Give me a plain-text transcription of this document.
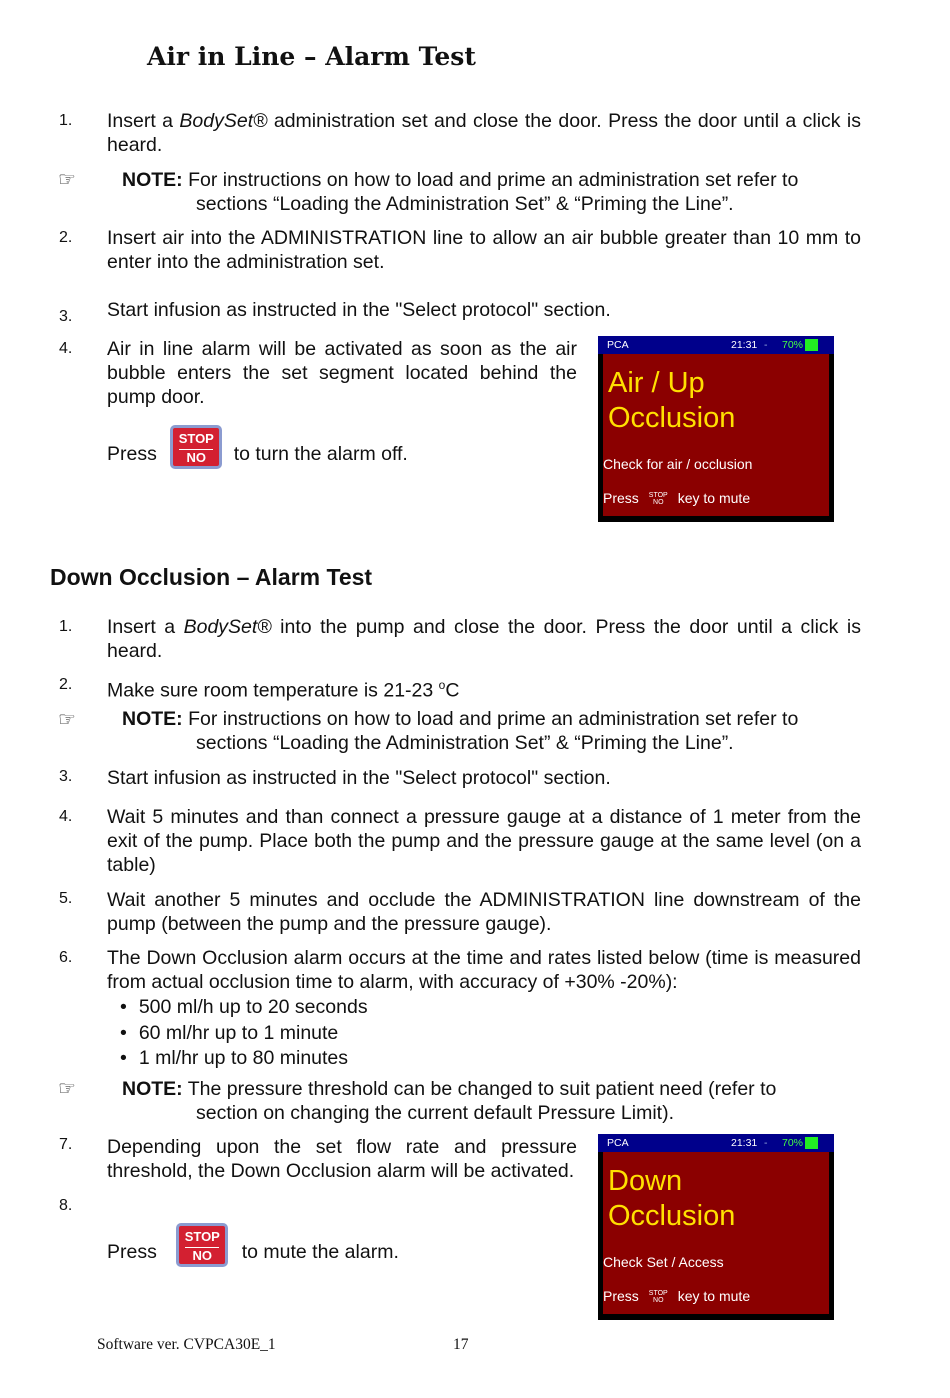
Air in Line – Alarm Test
1. Insert a BodySet® administration set and close the door. Press the door until a click is heard.
☞ NOTE: For instructions on how to load and prime an administration set refer to
sections “Loading the Administration Set” & “Priming the Line”.
2. Insert air into the ADMINISTRATION line to allow an air bubble greater than 10 mm to enter into the administration set.
3. Start infusion as instructed in the "Select protocol" section.
4. Air in line alarm will be activated as soon as the air bubble enters the set segment located behind the pump door.
Press STOP
NO	to turn the alarm off.
PCA	21:31 - 70%
Air / Up
Occlusion
Check for air / occlusion
Press STOP
NO key to mute
Down Occlusion – Alarm Test
1. Insert a BodySet® into the pump and close the door. Press the door until a click is heard.
2. Make sure room temperature is 21-23 $^o$C
☞ NOTE: For instructions on how to load and prime an administration set refer to
sections “Loading the Administration Set” & “Priming the Line”.
3. Start infusion as instructed in the "Select protocol" section.
4. Wait 5 minutes and than connect a pressure gauge at a distance of 1 meter from the exit of the pump. Place both the pump and the pressure gauge at the same level (on a table)
5. Wait another 5 minutes and occlude the ADMINISTRATION line downstream of the pump (between the pump and the pressure gauge).
6. The Down Occlusion alarm occurs at the time and rates listed below (time is measured from actual occlusion time to alarm, with accuracy of +30% -20%):
• 500 ml/h up to 20 seconds
• 60 ml/hr up to 1 minute
• 1 ml/hr up to 80 minutes
☞ NOTE: The pressure threshold can be changed to suit patient need (refer to
section on changing the current default Pressure Limit).
7. Depending upon the set flow rate and pressure threshold, the Down Occlusion alarm will be activated.
8.
Press STOP
NO	to mute the alarm.
PCA	21:31 - 70%
Down
Occlusion
Check Set / Access
Press STOP
NO key to mute
Software ver. CVPCA30E_1	17
